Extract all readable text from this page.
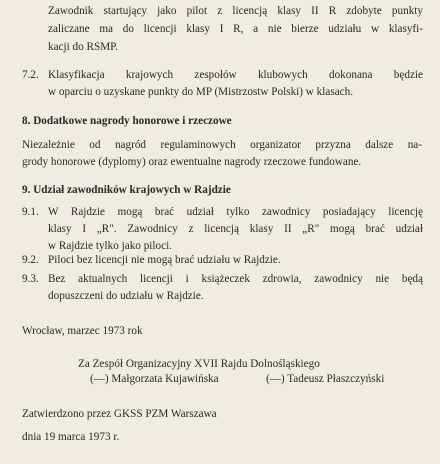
Zawodnik startujący jako pilot z licencją klasy II R zdobyte punkty
zaliczane ma do licencji klasy I R, a nie bierze udziału w klasyfi-
kacji do RSMP.
7.2. Klasyfikacja krajowych zespołów klubowych dokonana będzie
w oparciu o uzyskane punkty do MP (Mistrzostw Polski) w klasach.
8. Dodatkowe nagrody honorowe i rzeczowe
Niezależnie od nagród regulaminowych organizator przyzna dalsze na-
grody honorowe (dyplomy) oraz ewentualne nagrody rzeczowe fundowane.
9. Udział zawodników krajowych w Rajdzie
9.1. W Rajdzie mogą brać udział tylko zawodnicy posiadający licencję
klasy I „R". Zawodnicy z licencją klasy II „R" mogą brać udział
w Rajdzie tylko jako piloci.
9.2. Piloci bez licencji nie mogą brać udziału w Rajdzie.
9.3. Bez aktualnych licencji i książeczek zdrowia, zawodnicy nie będą
dopuszczeni do udziału w Rajdzie.
Wrocław, marzec 1973 rok
Za Zespół Organizacyjny XVII Rajdu Dolnośląskiego
(—) Małgorzata Kujawińska	(—) Tadeusz Płaszczyński
Zatwierdzono przez GKSS PZM Warszawa
dnia 19 marca 1973 r.
